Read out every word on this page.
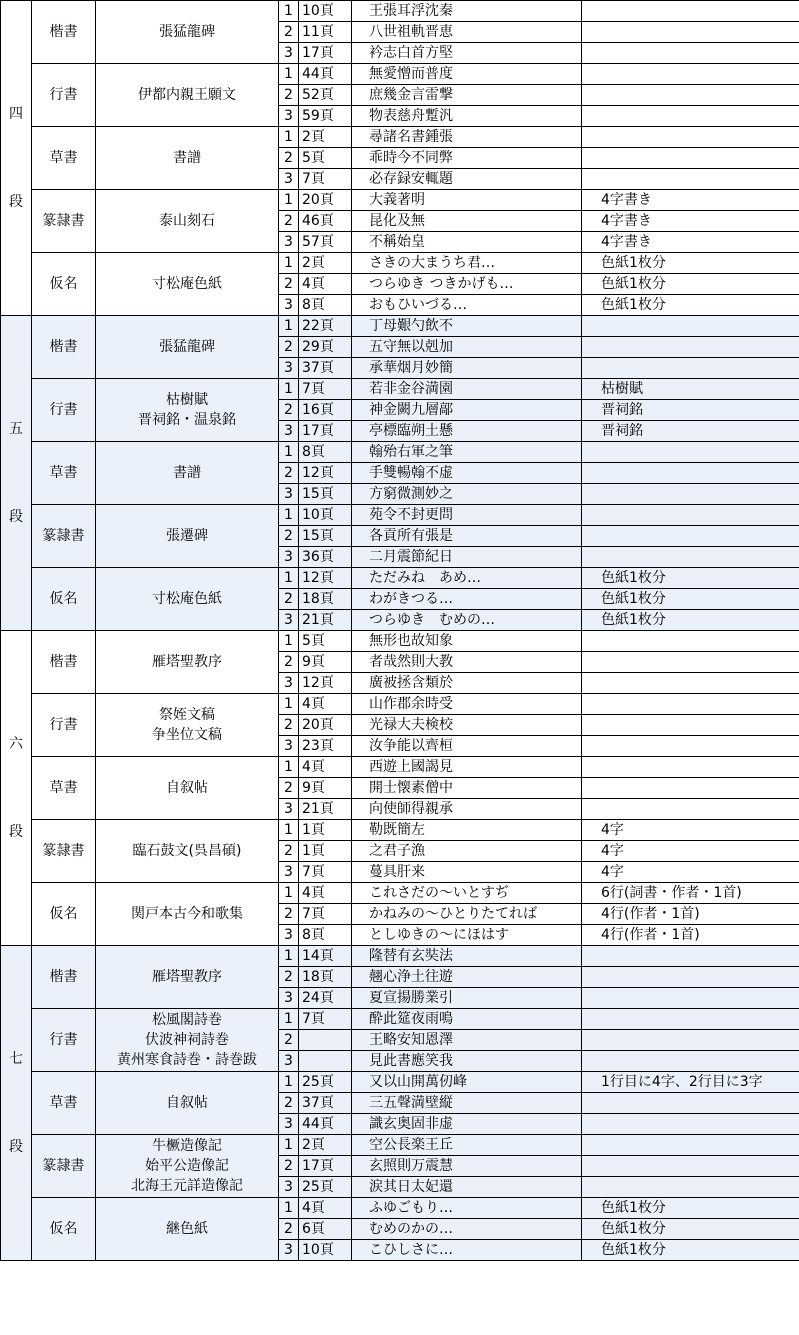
四
段	楷書	張猛龍碑	1	10頁	王張耳浮沈秦	
			2	11頁	八世祖軌晋恵	
			3	17頁	衿志白首方堅	
	行書	伊都内親王願文	1	44頁	無愛憎而普度	
			2	52頁	庶幾金言雷撃	
			3	59頁	物表慈舟蹔汎	
	草書	書譜	1	2頁	尋諸名書鍾張	
			2	5頁	乖時今不同弊	
			3	7頁	必存録安輒題	
	篆隷書	泰山刻石	1	20頁	大義著明	4字書き
			2	46頁	昆化及無	4字書き
			3	57頁	不稱始皇	4字書き
	仮名	寸松庵色紙	1	2頁	さきの大まうち君…	色紙1枚分
			2	4頁	つらゆき つきかげも…	色紙1枚分
			3	8頁	おもひいづる…	色紙1枚分

五
段	楷書	張猛龍碑	1	22頁	丁母艱勺飲不	
			2	29頁	五守無以剋加	
			3	37頁	承華烟月妙簡	
	行書	枯樹賦
晋祠銘・温泉銘	1	7頁	若非金谷満園	枯樹賦
			2	16頁	神金闕九層鄗	晋祠銘
			3	17頁	亭標臨朔土懸	晋祠銘
	草書	書譜	1	8頁	翰殆右軍之筆	
			2	12頁	手雙暢翰不虚	
			3	15頁	方窮微測妙之	
	篆隷書	張遷碑	1	10頁	苑令不封更問	
			2	15頁	各貢所有張是	
			3	36頁	二月震節紀日	
	仮名	寸松庵色紙	1	12頁	ただみね　あめ…	色紙1枚分
			2	18頁	わがきつる…	色紙1枚分
			3	21頁	つらゆき　むめの…	色紙1枚分

六
段	楷書	雁塔聖教序	1	5頁	無形也故知象	
			2	9頁	者哉然則大教	
			3	12頁	廣被拯含類於	
	行書	祭姪文稿
争坐位文稿	1	4頁	山作郡余時受	
			2	20頁	光禄大夫検校	
			3	23頁	汝争能以齊桓	
	草書	自叙帖	1	4頁	西遊上國謁見	
			2	9頁	開士懐素僧中	
			3	21頁	向使師得親承	
	篆隷書	臨石鼓文(呉昌碩)	1	1頁	勒既簡左	4字
			2	1頁	之君子漁	4字
			3	7頁	蔓具肝来	4字
	仮名	関戸本古今和歌集	1	4頁	これさだの～いとすぢ	6行(詞書・作者・1首)
			2	7頁	かねみの～ひとりたてれば	4行(作者・1首)
			3	8頁	としゆきの～にほはす	4行(作者・1首)

七
段	楷書	雁塔聖教序	1	14頁	隆替有玄奘法	
			2	18頁	翹心浄土往遊	
			3	24頁	夏宣揚勝業引	
	行書	松風閣詩巻
伏波神祠詩巻
黄州寒食詩巻・詩巻跋	1	7頁	酔此筵夜雨鳴	
			2		王略安知恩澤	
			3		見此書應笑我	
	草書	自叙帖	1	25頁	又以山開萬仞峰	1行目に4字、2行目に3字
			2	37頁	三五聲満壁縦	
			3	44頁	識玄奥固非虚	
	篆隷書	牛橛造像記
始平公造像記
北海王元詳造像記	1	2頁	空公長楽王丘	
			2	17頁	玄照則万震慧	
			3	25頁	涙其日太妃還	
	仮名	継色紙	1	4頁	ふゆごもり…	色紙1枚分
			2	6頁	むめのかの…	色紙1枚分
			3	10頁	こひしさに…	色紙1枚分
